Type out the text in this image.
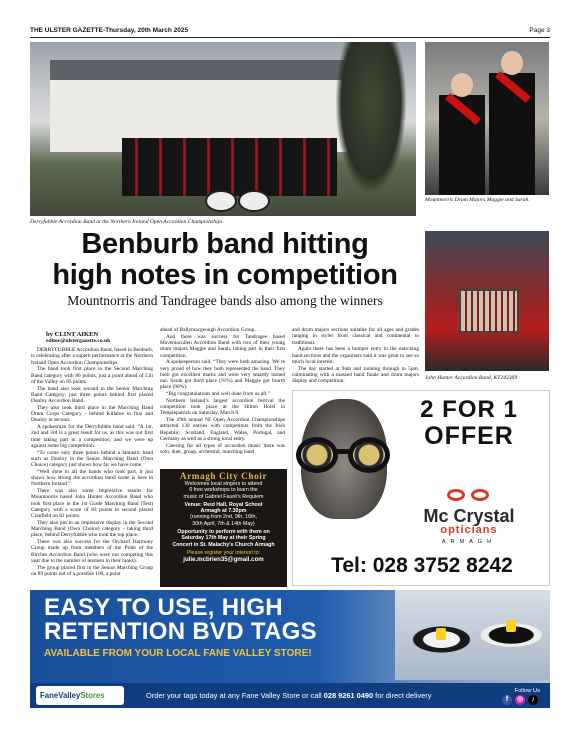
THE ULSTER GAZETTE-Thursday, 20th March 2025	Page 3
Derryfubble Accordion Band at the Northern Ireland Open Accordion Championships.
Mountnorris Drum Majors Maggie and Sarah.
John Hunter Accordion Band. KT242369
Benburb band hitting
high notes in competition
Mountnorris and Tandragee bands also among the winners
by CLINT AIKEN
editor@ulstergazette.co.uk

DERRYFUBBLE Accordion Band, based in Benburb, is celebrating after a superb performance at the Northern Ireland Open Accordion Championships.

The band took first place in the Second Marching Band category with 86 points, just a point ahead of Lili of the Valley on 85 points.

The band also took second in the Senior Marching Band Category, just three points behind first placed Dunloy Accordion Band.

They also took third place in the Marching Band Drum Corps Category - behind Killaloe in first and Dunloy in second.

A spokesman for the Derryfubble band said, “A 1st, 2nd and 3rd is a great result for us, as this was our first time taking part in a competition, and we were up against some big competition.

“To come only three points behind a fantastic band such as Dunloy in the Senior Marching Band (Own Choice) category just shows how far we have come.

“Well done to all the bands who took part, it just shows how strong the accordion band scene is here in Northern Ireland.”

There was also some impressive results for Mountnorris based John Hunter Accordion Band who took first place in the 1st Grade Marching Band (Test) Category with a score of 83 points to second placed Cranfield on 82 points.

They also put in an impressive display in the Second Marching Band (Own Choice) category - taking third place, behind Derryfubble who took the top place.

There was also success for the Orchard Harmony Group made up from members of the Pride of the Birches Accordion Band (who were not competing this year due to the number of learners in their ranks).

The group placed first in the Senior Marching Group on 89 points out of a possible 100, a point

ahead of Ballymacgeough Accordion Group.

And there was success for Tandragee based Mavemacullen Accordion Band with two of their young drum majors Maggie and Sarah, taking part in their first competition.

A spokesperson said, “They were both amazing. We’re very proud of how they both represented the band. They both got excellent marks and were very smartly turned out. Sarah got third place (91%) and Maggie got fourth place (90%).

“Big congratulations and well done from us all.”

Northern Ireland’s largest accordion festival the competition took place at the Hilton Hotel in Templepatrick on Saturday, March 8.

The 29th annual NI Open Accordion Championships attracted 130 entries with competitors from the Irish Republic, Scotland, England, Wales, Portugal, and Germany as well as a strong local entry.

Catering for all types of accordion music there was solo, duet, group, orchestral, marching band

and drum majors sections suitable for all ages and grades ranging in styles from classical and continental to traditional.

Again there has been a bumper entry in the marching band sections and the organisers said it was great to see so much local interest.

The day started at 9am and running through to 5pm, culminating with a massed band finale and drum majors display and competition.

Armagh City Choir
Welcomes local singers to attend
6 free workshops to learn the
music of Gabriel Fauré's Requiem
Venue: Reid Hall, Royal School
Armagh at 7.30pm
(running from 2nd, 9th, 16th,
30th April, 7th & 14th May)
Opportunity to perform with them on
Saturday 17th May at their Spring
Concert in St. Malachy's Church Armagh
Please register your interest to:
julie.mcbrien35@gmail.com
2 FOR 1
OFFER
Mc Crystal
opticians
ARMAGH
Tel: 028 3752 8242
EASY TO USE, HIGH
RETENTION BVD TAGS
AVAILABLE FROM YOUR LOCAL FANE VALLEY STORE!
FaneValleyStores	Order your tags today at any Fane Valley Store or call 028 9261 0490 for direct delivery	Follow Us
f	◎	♪
